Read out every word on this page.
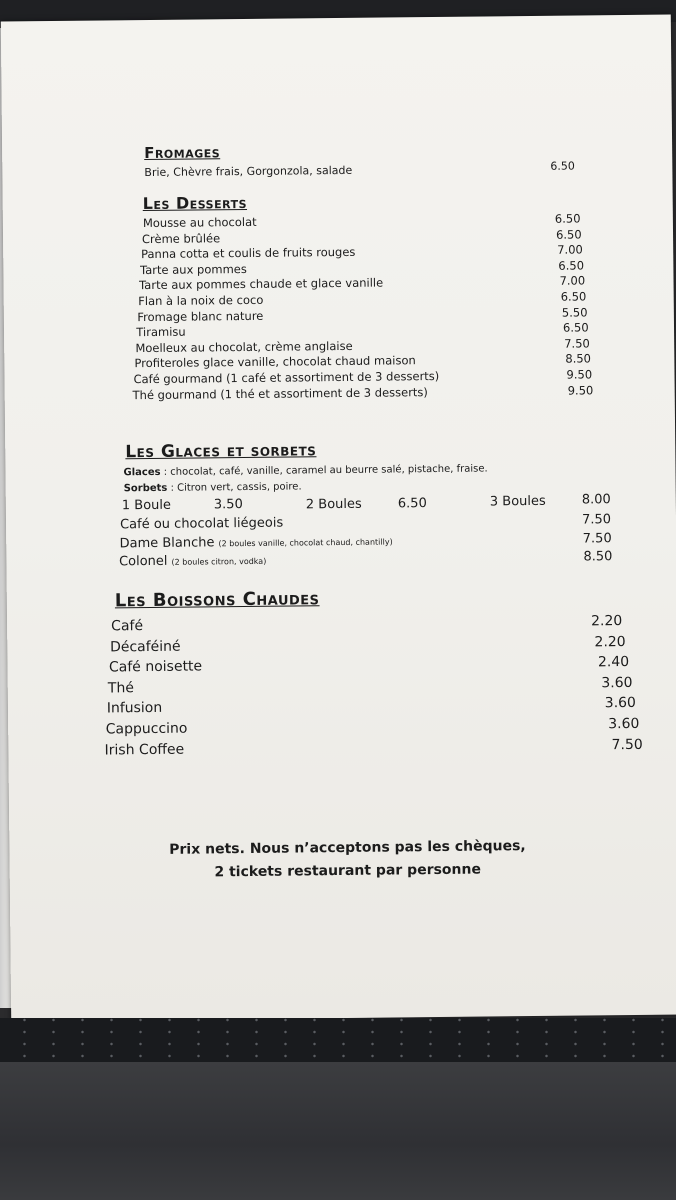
Fromages
Brie, Chèvre frais, Gorgonzola, salade	6.50
Les Desserts
Mousse au chocolat	6.50
Crème brûlée	6.50
Panna cotta et coulis de fruits rouges	7.00
Tarte aux pommes	6.50
Tarte aux pommes chaude et glace vanille	7.00
Flan à la noix de coco	6.50
Fromage blanc nature	5.50
Tiramisu	6.50
Moelleux au chocolat, crème anglaise	7.50
Profiteroles glace vanille, chocolat chaud maison	8.50
Café gourmand (1 café et assortiment de 3 desserts)	9.50
Thé gourmand (1 thé et assortiment de 3 desserts)	9.50
Les Glaces et sorbets
Glaces : chocolat, café, vanille, caramel au beurre salé, pistache, fraise.
Sorbets : Citron vert, cassis, poire.
1 Boule	3.50	2 Boules	6.50	3 Boules	8.00
Café ou chocolat liégeois	7.50
Dame Blanche (2 boules vanille, chocolat chaud, chantilly)	7.50
Colonel (2 boules citron, vodka)	8.50
Les Boissons Chaudes
Café	2.20
Décaféiné	2.20
Café noisette	2.40
Thé	3.60
Infusion	3.60
Cappuccino	3.60
Irish Coffee	7.50
Prix nets. Nous n’acceptons pas les chèques,
2 tickets restaurant par personne
